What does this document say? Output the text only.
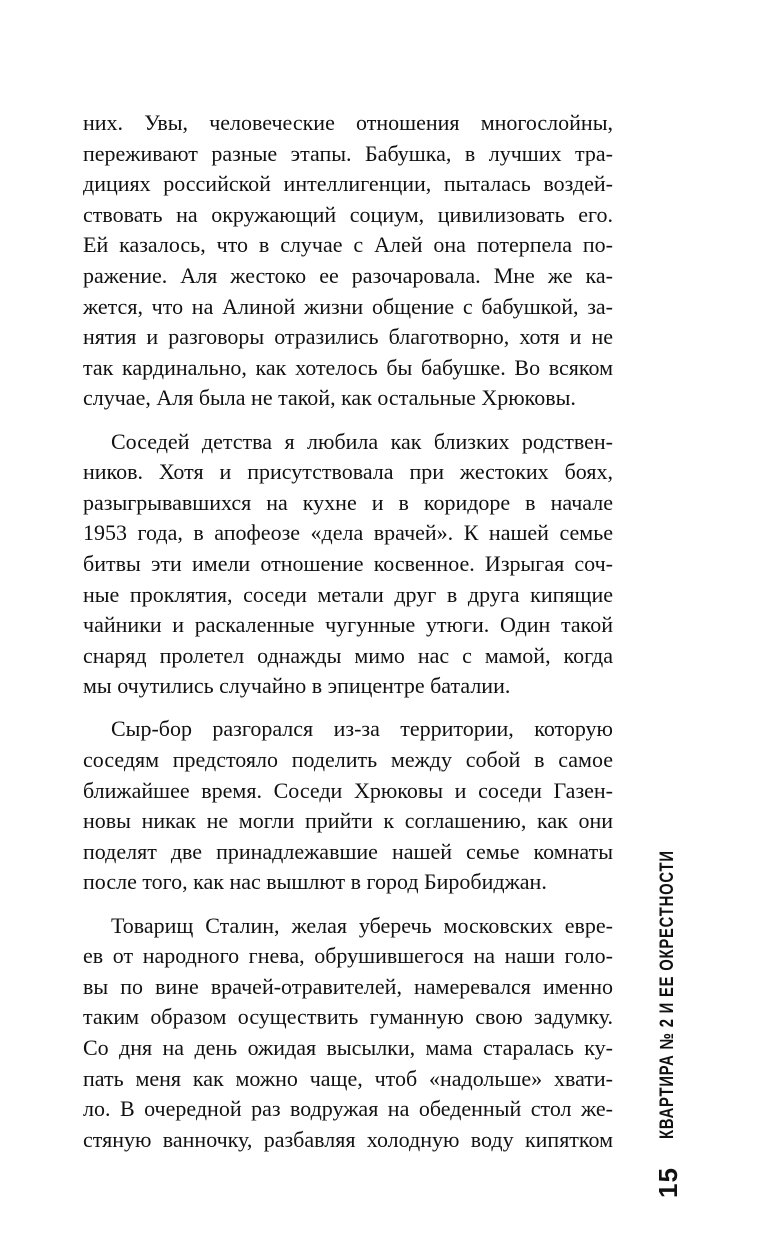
них. Увы, человеческие отношения многослойны,
переживают разные этапы. Бабушка, в лучших тра-
дициях российской интеллигенции, пыталась воздей-
ствовать на окружающий социум, цивилизовать его.
Ей казалось, что в случае с Алей она потерпела по-
ражение. Аля жестоко ее разочаровала. Мне же ка-
жется, что на Алиной жизни общение с бабушкой, за-
нятия и разговоры отразились благотворно, хотя и не
так кардинально, как хотелось бы бабушке. Во всяком
случае, Аля была не такой, как остальные Хрюковы.

Соседей детства я любила как близких родствен-
ников. Хотя и присутствовала при жестоких боях,
разыгрывавшихся на кухне и в коридоре в начале
1953 года, в апофеозе «дела врачей». К нашей семье
битвы эти имели отношение косвенное. Изрыгая соч-
ные проклятия, соседи метали друг в друга кипящие
чайники и раскаленные чугунные утюги. Один такой
снаряд пролетел однажды мимо нас с мамой, когда
мы очутились случайно в эпицентре баталии.

Сыр-бор разгорался из-за территории, которую
соседям предстояло поделить между собой в самое
ближайшее время. Соседи Хрюковы и соседи Газен-
новы никак не могли прийти к соглашению, как они
поделят две принадлежавшие нашей семье комнаты
после того, как нас вышлют в город Биробиджан.

Товарищ Сталин, желая уберечь московских евре-
ев от народного гнева, обрушившегося на наши голо-
вы по вине врачей-отравителей, намеревался именно
таким образом осуществить гуманную свою задумку.
Со дня на день ожидая высылки, мама старалась ку-
пать меня как можно чаще, чтоб «надольше» хвати-
ло. В очередной раз водружая на обеденный стол же-
стяную ванночку, разбавляя холодную воду кипятком

15
КВАРТИРА № 2 И ЕЕ ОКРЕСТНОСТИ
